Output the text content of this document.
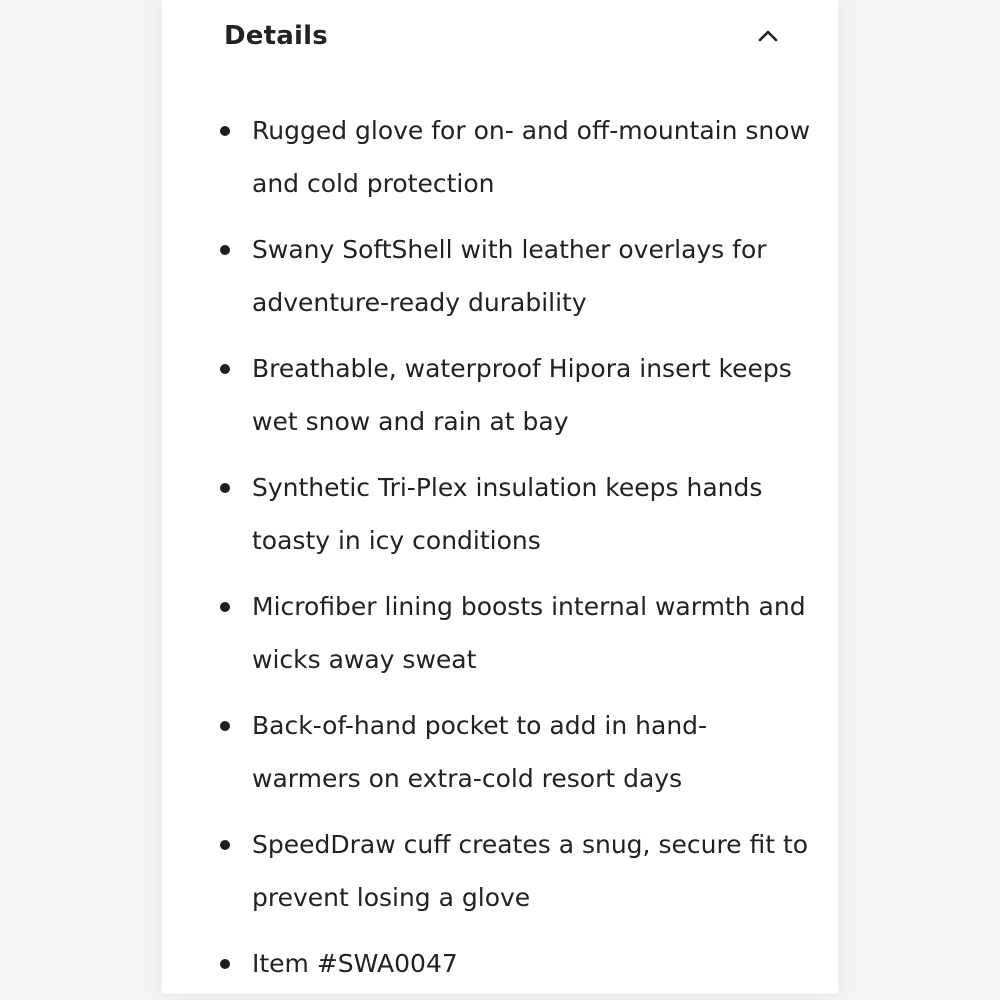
Details
Rugged glove for on- and off-mountain snow and cold protection
Swany SoftShell with leather overlays for adventure-ready durability
Breathable, waterproof Hipora insert keeps wet snow and rain at bay
Synthetic Tri-Plex insulation keeps hands toasty in icy conditions
Microfiber lining boosts internal warmth and wicks away sweat
Back-of-hand pocket to add in hand-warmers on extra-cold resort days
SpeedDraw cuff creates a snug, secure fit to prevent losing a glove
Item #SWA0047
